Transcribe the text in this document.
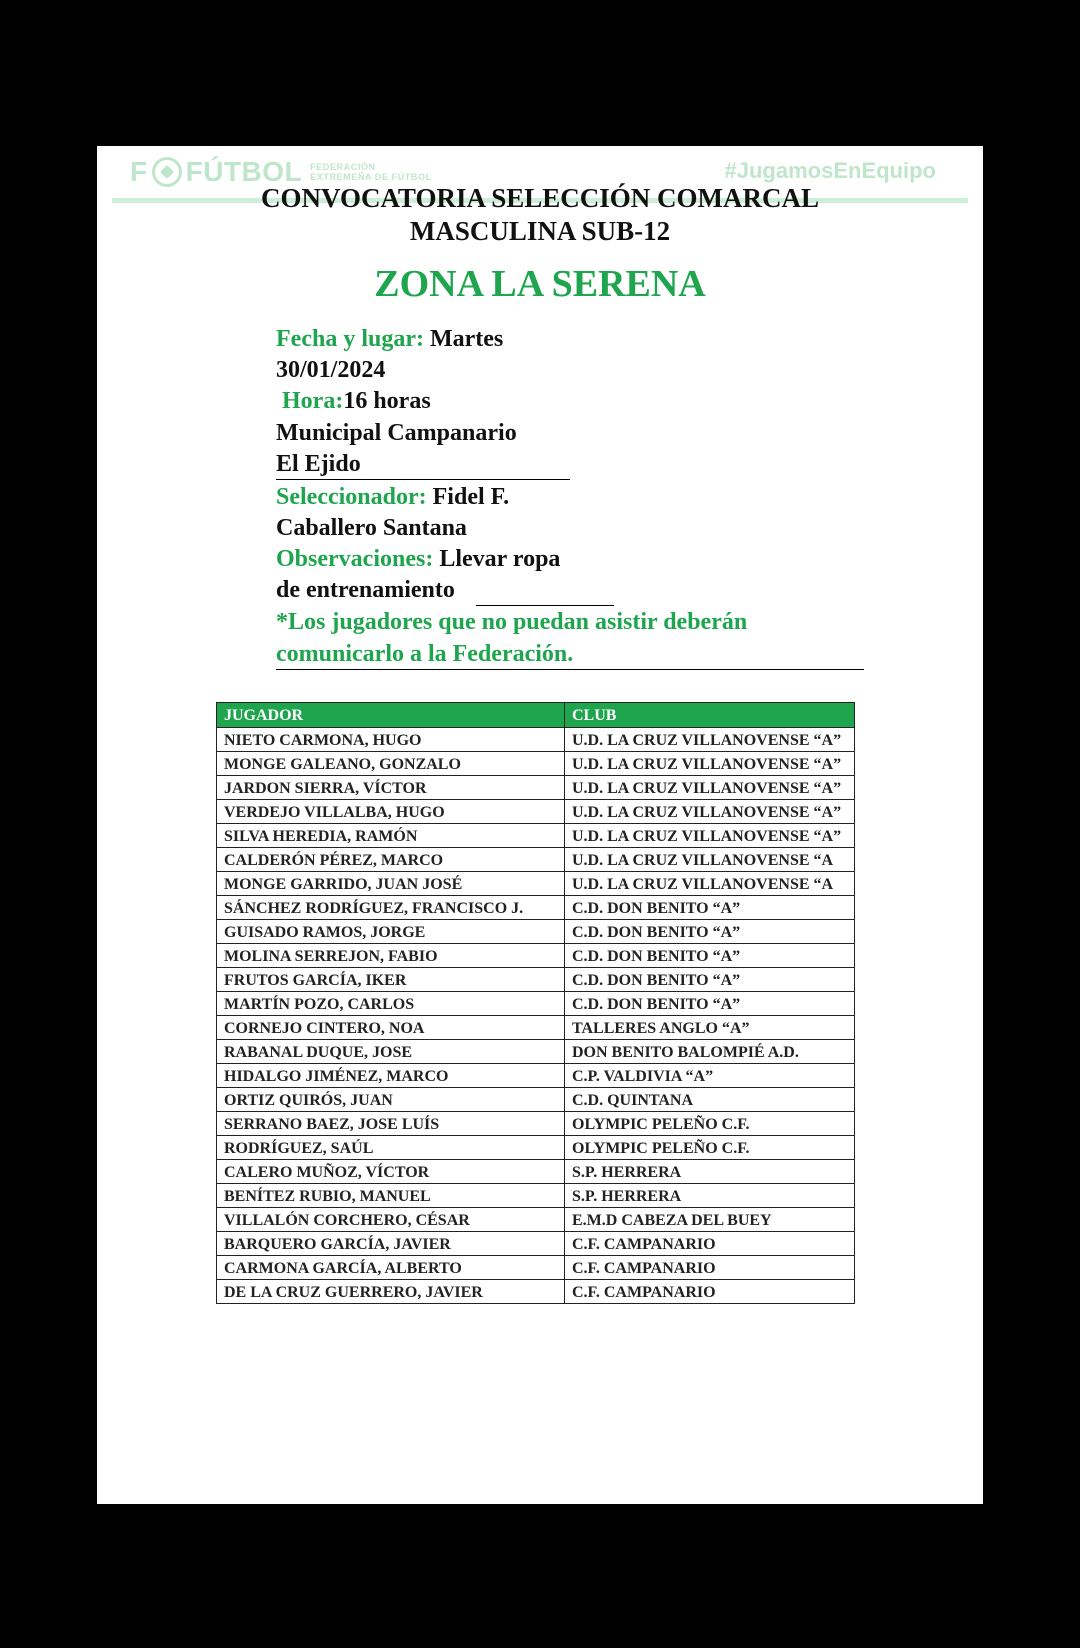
F FÚTBOL FEDERACIÓN
EXTREMEÑA DE FÚTBOL	#JugamosEnEquipo
CONVOCATORIA SELECCIÓN COMARCAL
MASCULINA SUB-12
ZONA LA SERENA
Fecha y lugar: Martes
30/01/2024
Hora:16 horas
Municipal Campanario
El Ejido
Seleccionador: Fidel F.
Caballero Santana
Observaciones: Llevar ropa
de entrenamiento
*Los jugadores que no puedan asistir deberán
comunicarlo a la Federación.
JUGADOR	CLUB
NIETO CARMONA, HUGO	U.D. LA CRUZ VILLANOVENSE “A”
MONGE GALEANO, GONZALO	U.D. LA CRUZ VILLANOVENSE “A”
JARDON SIERRA, VÍCTOR	U.D. LA CRUZ VILLANOVENSE “A”
VERDEJO VILLALBA, HUGO	U.D. LA CRUZ VILLANOVENSE “A”
SILVA HEREDIA, RAMÓN	U.D. LA CRUZ VILLANOVENSE “A”
CALDERÓN PÉREZ, MARCO	U.D. LA CRUZ VILLANOVENSE “A
MONGE GARRIDO, JUAN JOSÉ	U.D. LA CRUZ VILLANOVENSE “A
SÁNCHEZ RODRÍGUEZ, FRANCISCO J.	C.D. DON BENITO “A”
GUISADO RAMOS, JORGE	C.D. DON BENITO “A”
MOLINA SERREJON, FABIO	C.D. DON BENITO “A”
FRUTOS GARCÍA, IKER	C.D. DON BENITO “A”
MARTÍN POZO, CARLOS	C.D. DON BENITO “A”
CORNEJO CINTERO, NOA	TALLERES ANGLO “A”
RABANAL DUQUE, JOSE	DON BENITO BALOMPIÉ A.D.
HIDALGO JIMÉNEZ, MARCO	C.P. VALDIVIA “A”
ORTIZ QUIRÓS, JUAN	C.D. QUINTANA
SERRANO BAEZ, JOSE LUÍS	OLYMPIC PELEÑO C.F.
RODRÍGUEZ, SAÚL	OLYMPIC PELEÑO C.F.
CALERO MUÑOZ, VÍCTOR	S.P. HERRERA
BENÍTEZ RUBIO, MANUEL	S.P. HERRERA
VILLALÓN CORCHERO, CÉSAR	E.M.D CABEZA DEL BUEY
BARQUERO GARCÍA, JAVIER	C.F. CAMPANARIO
CARMONA GARCÍA, ALBERTO	C.F. CAMPANARIO
DE LA CRUZ GUERRERO, JAVIER	C.F. CAMPANARIO
